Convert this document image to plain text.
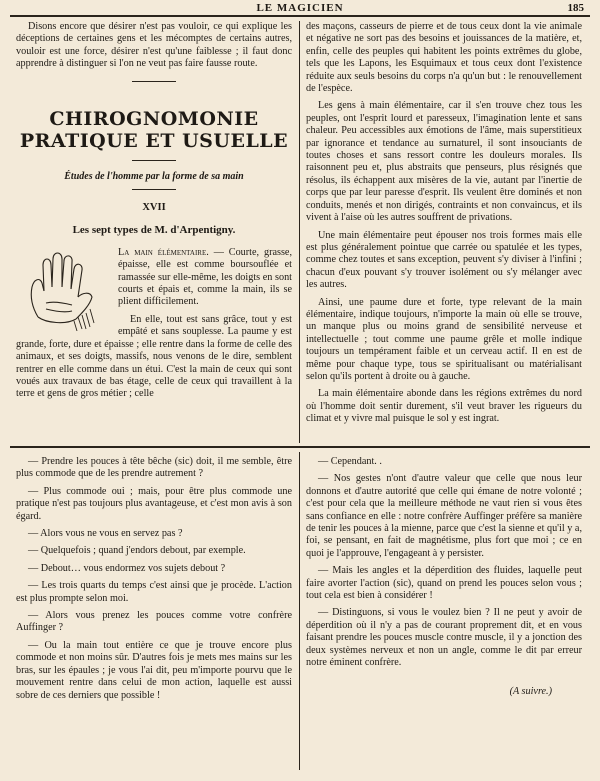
LE MAGICIEN	185

Disons encore que désirer n'est pas vouloir, ce qui explique les déceptions de certaines gens et les mécomptes de certains autres, vouloir est une force, désirer n'est qu'une faiblesse ; il faut donc apprendre à distinguer si l'on ne veut pas faire fausse route.

CHIROGNOMONIE PRATIQUE ET USUELLE
Études de l'homme par la forme de sa main
XVII
Les sept types de M. d'Arpentigny.

La main élémentaire. — Courte, grasse, épaisse, elle est comme boursouflée et ramassée sur elle-même, les doigts en sont courts et épais et, comme la main, ils se plient difficilement.

En elle, tout est sans grâce, tout y est empâté et sans souplesse. La paume y est grande, forte, dure et épaisse ; elle rentre dans la forme de celle des animaux, et ses doigts, massifs, nous venons de le dire, semblent rentrer en elle comme dans un étui. C'est la main de ceux qui sont voués aux travaux de bas étage, celle de ceux qui travaillent à la terre et gens de gros métier ; celle

des maçons, casseurs de pierre et de tous ceux dont la vie animale et négative ne sort pas des besoins et jouissances de la matière, et, enfin, celle des peuples qui habitent les points extrêmes du globe, tels que les Lapons, les Esquimaux et tous ceux dont l'existence réduite aux seuls besoins du corps n'a qu'un but : le renouvellement de l'espèce.

Les gens à main élémentaire, car il s'en trouve chez tous les peuples, ont l'esprit lourd et paresseux, l'imagination lente et sans chaleur. Peu accessibles aux émotions de l'âme, mais superstitieux par ignorance et tendance au surnaturel, il sont insouciants de toutes choses et sans ressort contre les douleurs morales. Ils raisonnent peu et, plus abstraits que penseurs, plus résignés que résolus, ils échappent aux misères de la vie, autant par l'inertie de corps que par leur paresse d'esprit. Ils veulent être dominés et non conduits, menés et non dirigés, contraints et non convaincus, et ils vivent à l'aise où les autres souffrent de privations.

Une main élémentaire peut épouser nos trois formes mais elle est plus généralement pointue que carrée ou spatulée et les types, comme chez toutes et sans exception, peuvent s'y diviser à l'infini ; chacun d'eux pouvant s'y trouver isolément ou s'y mélanger avec les autres.

Ainsi, une paume dure et forte, type relevant de la main élémentaire, indique toujours, n'importe la main où elle se trouve, un manque plus ou moins grand de sensibilité nerveuse et intellectuelle ; tout comme une paume grêle et molle indique toujours un tempérament faible et un cerveau actif. Il en est de même pour chaque type, tous se spiritualisant ou matérialisant selon qu'ils portent à droite ou à gauche.

La main élémentaire abonde dans les régions extrêmes du nord où l'homme doit sentir durement, s'il veut braver les rigueurs du climat et y vivre mal puisque le sol y est ingrat.

— Prendre les pouces à tête bêche (sic) doit, il me semble, être plus commode que de les prendre autrement ?

— Plus commode oui ; mais, pour être plus commode une pratique n'est pas toujours plus avantageuse, et c'est mon avis à son égard.

— Alors vous ne vous en servez pas ?

— Quelquefois ; quand j'endors debout, par exemple.

— Debout… vous endormez vos sujets debout ?

— Les trois quarts du temps c'est ainsi que je procède. L'action est plus prompte selon moi.

— Alors vous prenez les pouces comme votre confrère Auffinger ?

— Ou la main tout entière ce que je trouve encore plus commode et non moins sûr. D'autres fois je mets mes mains sur les bras, sur les épaules ; je vous l'ai dit, peu m'importe pourvu que le mouvement rentre dans celui de mon action, laquelle est aussi sobre de ces derniers que possible !

— Cependant. .

— Nos gestes n'ont d'autre valeur que celle que nous leur donnons et d'autre autorité que celle qui émane de notre volonté ; c'est pour cela que la meilleure méthode ne vaut rien si vous êtes sans confiance en elle : notre confrère Auffinger préfère sa manière de tenir les pouces à la mienne, parce que c'est la sienne et qu'il y a, foi, se pensant, en fait de magnétisme, plus fort que moi ; ce en quoi je l'approuve, l'engageant à y persister.

— Mais les angles et la déperdition des fluides, laquelle peut faire avorter l'action (sic), quand on prend les pouces selon vous ; tout cela est bien à considérer !

— Distinguons, si vous le voulez bien ? Il ne peut y avoir de déperdition où il n'y a pas de courant proprement dit, et en vous faisant prendre les pouces muscle contre muscle, il y a jonction des deux systèmes nerveux et non un angle, comme le dit par erreur notre éminent confrère.

(A suivre.)
